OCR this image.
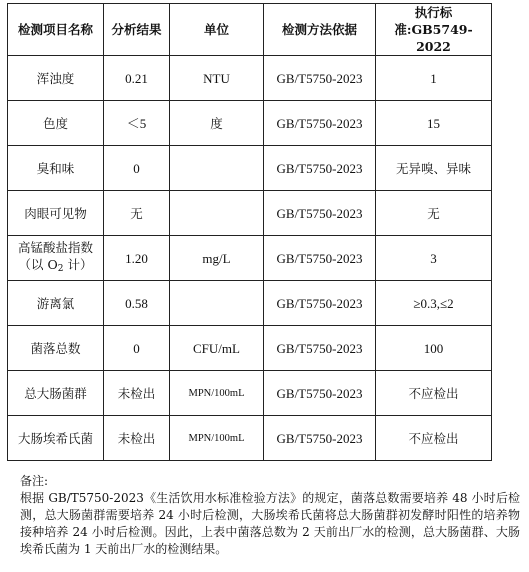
检测项目名称	分析结果	单位	检测方法依据	执行标
准:GB5749-2022

浑浊度	0.21	NTU	GB/T5750-2023	1
色度	＜5	度	GB/T5750-2023	15
臭和味	0		GB/T5750-2023	无异嗅、异味
肉眼可见物	无		GB/T5750-2023	无

高锰酸盐指数
（以 $O_2$ 计）	1.20	mg/L	GB/T5750-2023	3
游离氯	0.58		GB/T5750-2023	≥0.3,≤2
菌落总数	0	CFU/mL	GB/T5750-2023	100
总大肠菌群	未检出	MPN/100mL	GB/T5750-2023	不应检出
大肠埃希氏菌	未检出	MPN/100mL	GB/T5750-2023	不应检出

备注:

根据 GB/T5750-2023《生活饮用水标准检验方法》的规定，菌落总数需要培养 48 小时后检测，总大肠菌群需要培养 24 小时后检测，大肠埃希氏菌将总大肠菌群初发酵时阳性的培养物接种培养 24 小时后检测。因此，上表中菌落总数为 2 天前出厂水的检测，总大肠菌群、大肠埃希氏菌为 1 天前出厂水的检测结果。
